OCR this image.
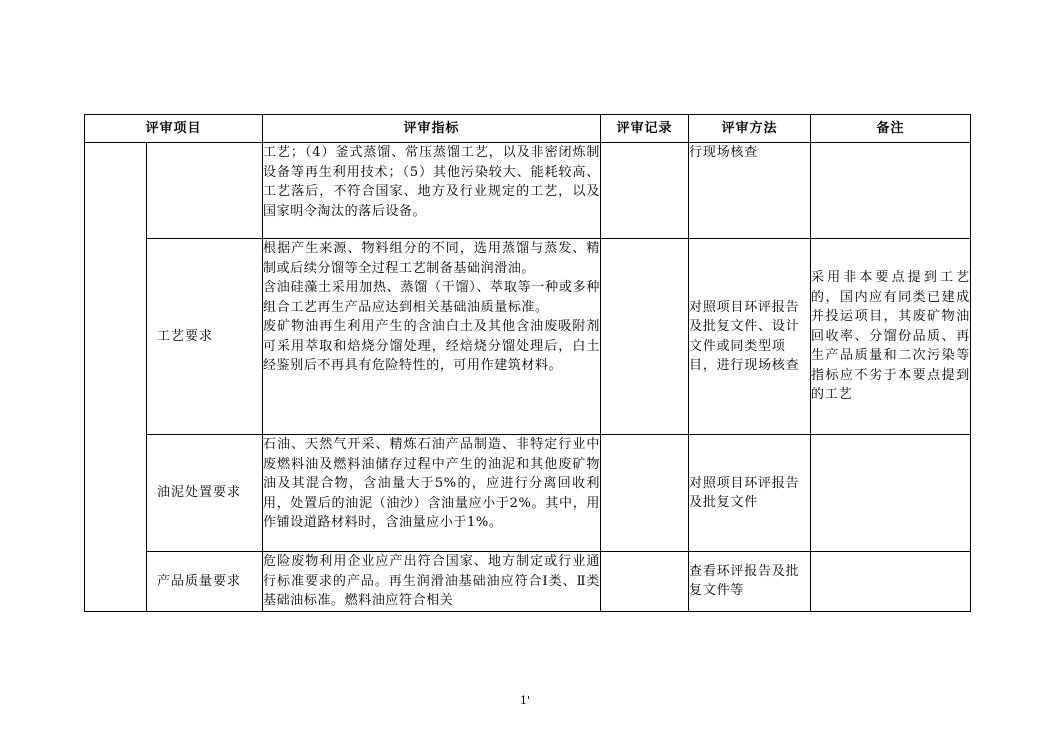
评审项目		评审指标	评审记录	评审方法	备注

		工艺；（4）釜式蒸馏、常压蒸馏工艺，以及非密闭炼制设备等再生利用技术；（5）其他污染较大、能耗较高、工艺落后，不符合国家、地方及行业规定的工艺，以及国家明令淘汰的落后设备。		行现场核查	
	工艺要求	根据产生来源、物料组分的不同，选用蒸馏与蒸发、精制或后续分馏等全过程工艺制备基础润滑油。
含油硅藻土采用加热、蒸馏（干馏）、萃取等一种或多种组合工艺再生产品应达到相关基础油质量标准。
废矿物油再生利用产生的含油白土及其他含油废吸附剂可采用萃取和焙烧分馏处理，经焙烧分馏处理后，白土经鉴别后不再具有危险特性的，可用作建筑材料。		对照项目环评报告及批复文件、设计文件或同类型项目，进行现场核查	采用非本要点提到工艺的，国内应有同类已建成并投运项目，其废矿物油回收率、分馏份品质、再生产品质量和二次污染等指标应不劣于本要点提到的工艺
	油泥处置要求	石油、天然气开采、精炼石油产品制造、非特定行业中废燃料油及燃料油储存过程中产生的油泥和其他废矿物油及其混合物，含油量大于5%的，应进行分离回收利用，处置后的油泥（油沙）含油量应小于2%。其中，用作铺设道路材料时，含油量应小于1%。		对照项目环评报告及批复文件	
	产品质量要求	危险废物利用企业应产出符合国家、地方制定或行业通行标准要求的产品。再生润滑油基础油应符合Ⅰ类、Ⅱ类基础油标准。燃料油应符合相关		查看环评报告及批复文件等	
1'
